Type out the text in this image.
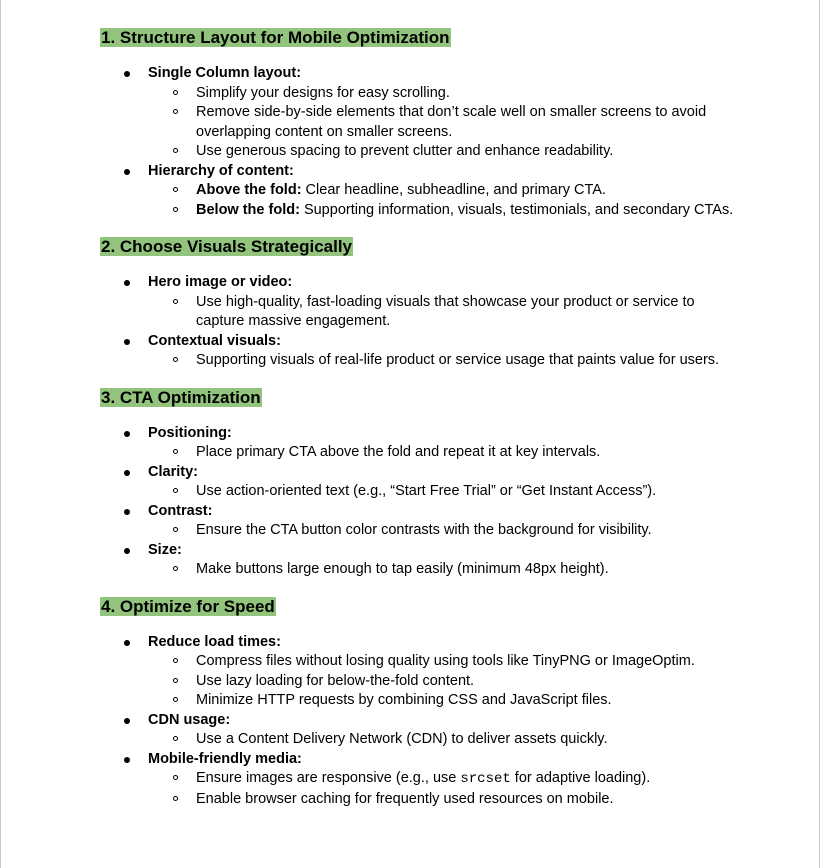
1. Structure Layout for Mobile Optimization
Single Column layout:
Simplify your designs for easy scrolling.
Remove side-by-side elements that don’t scale well on smaller screens to avoid overlapping content on smaller screens.
Use generous spacing to prevent clutter and enhance readability.
Hierarchy of content:
Above the fold: Clear headline, subheadline, and primary CTA.
Below the fold: Supporting information, visuals, testimonials, and secondary CTAs.
2. Choose Visuals Strategically
Hero image or video:
Use high-quality, fast-loading visuals that showcase your product or service to capture massive engagement.
Contextual visuals:
Supporting visuals of real-life product or service usage that paints value for users.
3. CTA Optimization
Positioning:
Place primary CTA above the fold and repeat it at key intervals.
Clarity:
Use action-oriented text (e.g., “Start Free Trial” or “Get Instant Access”).
Contrast:
Ensure the CTA button color contrasts with the background for visibility.
Size:
Make buttons large enough to tap easily (minimum 48px height).
4. Optimize for Speed
Reduce load times:
Compress files without losing quality using tools like TinyPNG or ImageOptim.
Use lazy loading for below-the-fold content.
Minimize HTTP requests by combining CSS and JavaScript files.
CDN usage:
Use a Content Delivery Network (CDN) to deliver assets quickly.
Mobile-friendly media:
Ensure images are responsive (e.g., use srcset for adaptive loading).
Enable browser caching for frequently used resources on mobile.
